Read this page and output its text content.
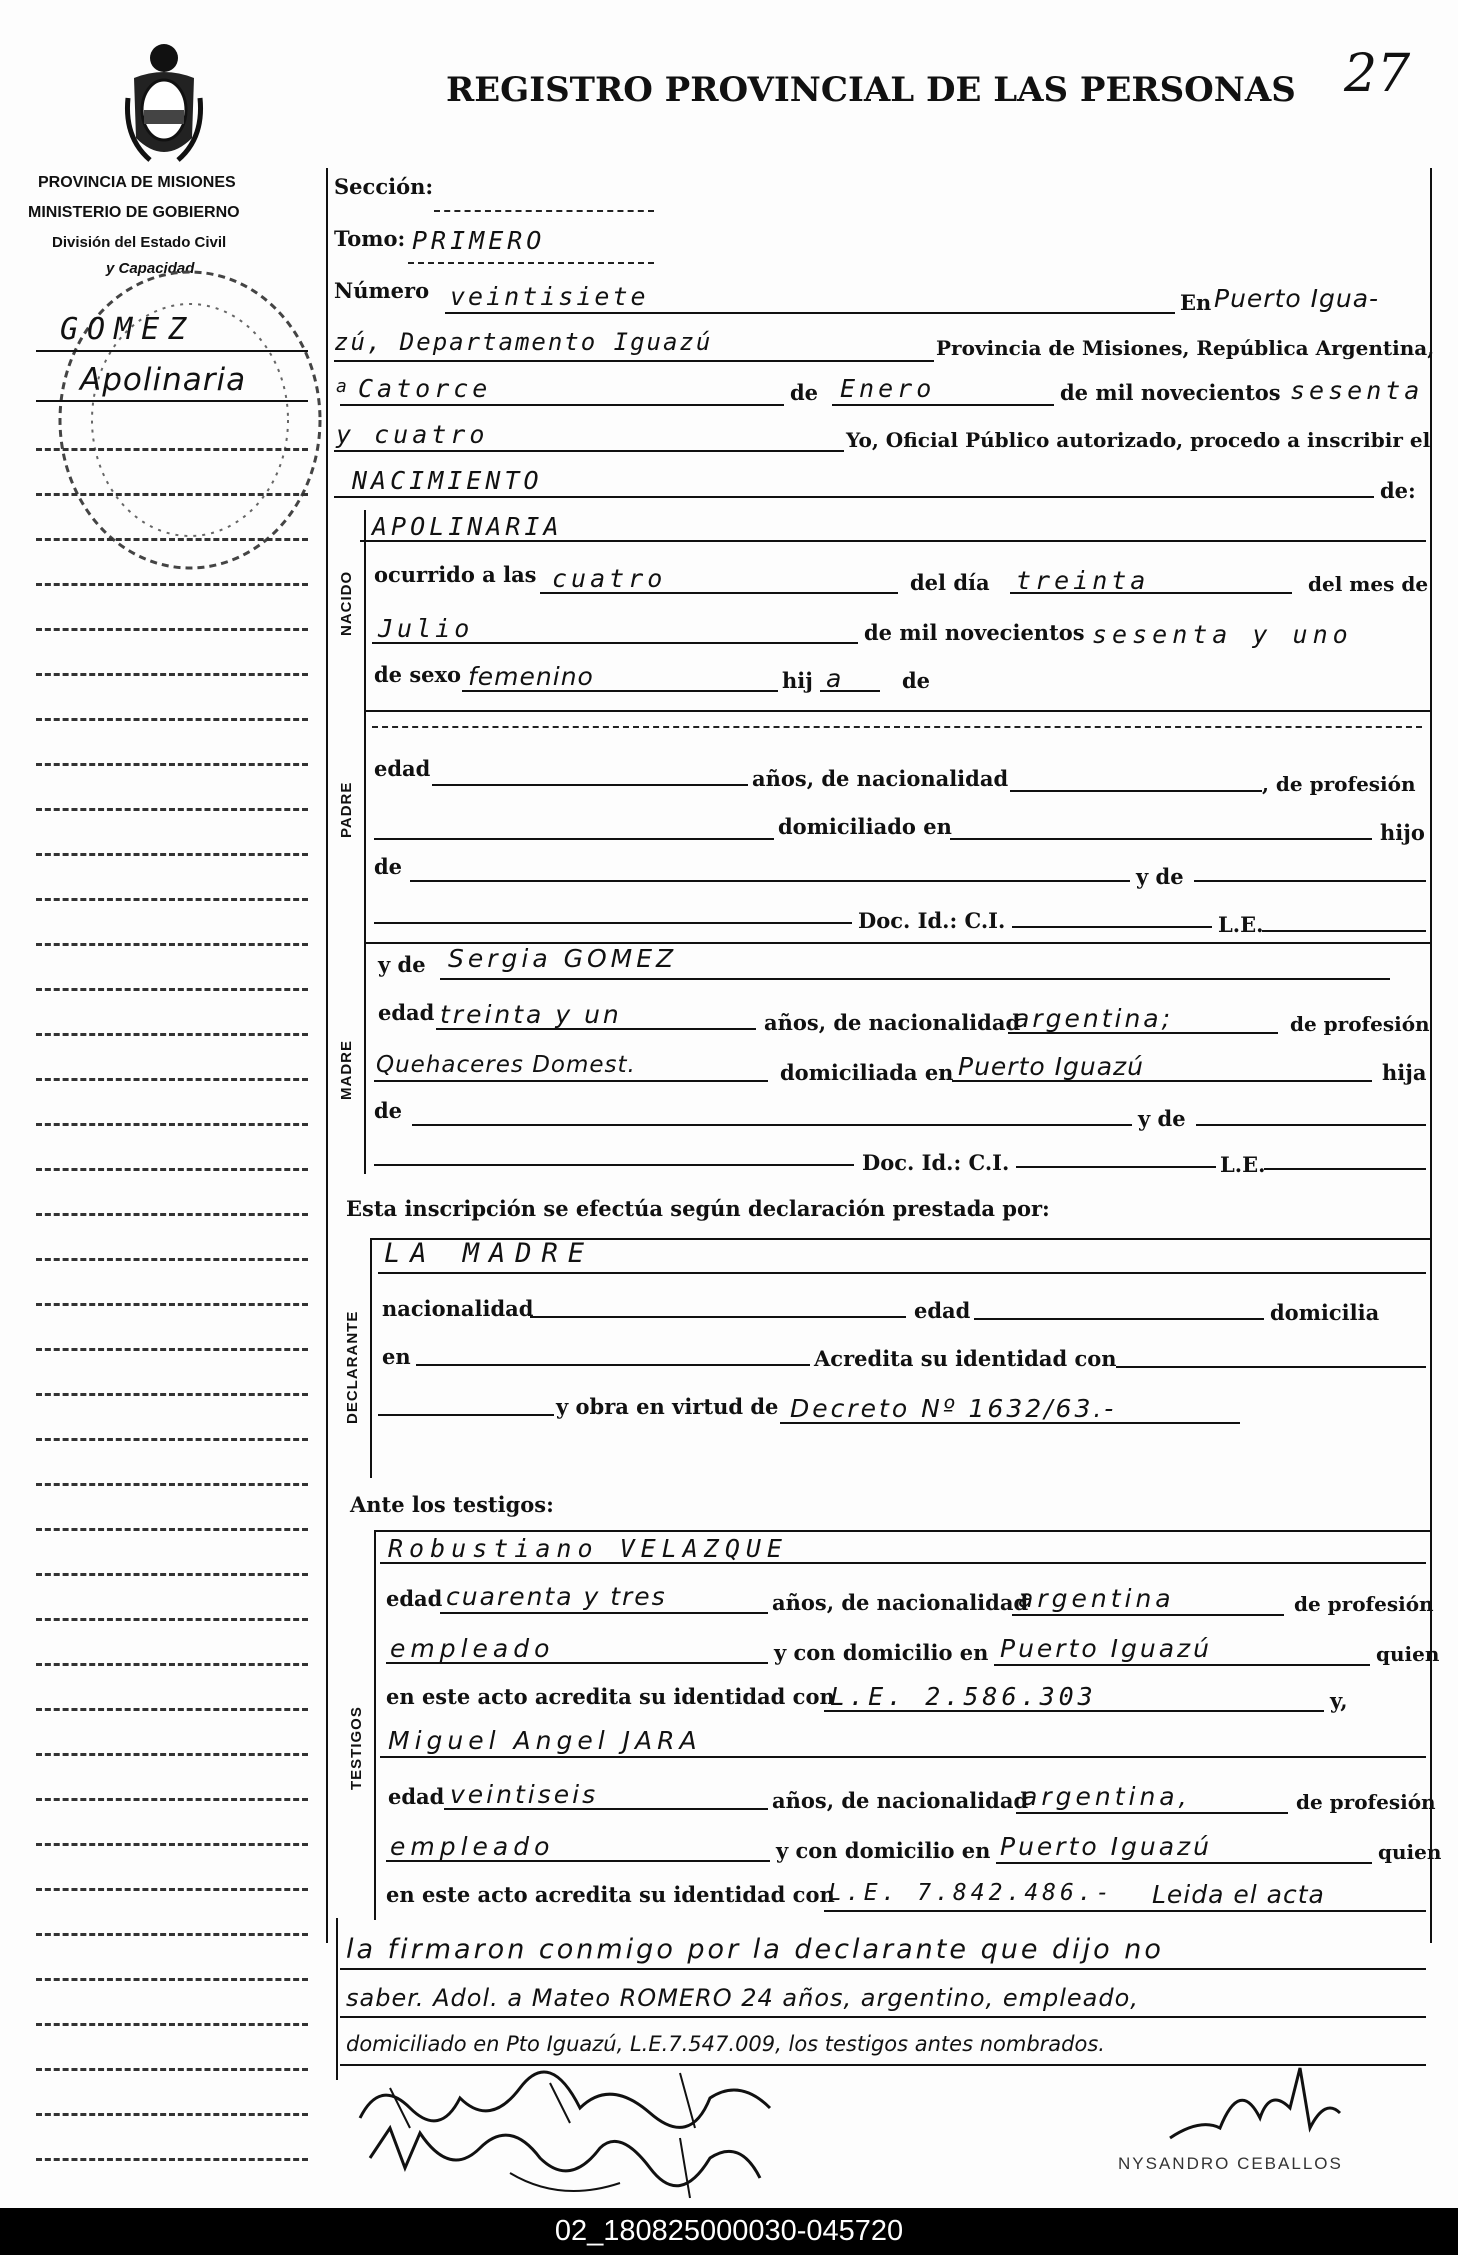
PROVINCIA DE MISIONES
MINISTERIO DE GOBIERNO
División del Estado Civil
y Capacidad
REGISTRO PROVINCIAL DE LAS PERSONAS 27
GOMEZ
Apolinaria
Sección:
Tomo: PRIMERO
Número veintisiete	En Puerto Igua-
zú, Departamento Iguazú	Provincia de Misiones, República Argentina,
a Catorce	de Enero	de mil novecientos sesenta
y cuatro	Yo, Oficial Público autorizado, procedo a inscribir el
NACIMIENTO	de:
NACIDO
APOLINARIA
ocurrido a las cuatro	del día treinta	del mes de
Julio	de mil novecientos sesenta y uno
de sexo femenino	hij a	de
PADRE
edad	años, de nacionalidad	, de profesión
domiciliado en	hijo
de	y de
Doc. Id.: C.I.	L.E.
MADRE
y de Sergia GOMEZ
edad treinta y un	años, de nacionalidad
argentina;	de profesión
Quehaceres Domest.	domiciliada en Puerto Iguazú	hija
de	y de
Doc. Id.: C.I.	L.E.
Esta inscripción se efectúa según declaración prestada por:
DECLARANTE
LA MADRE
nacionalidad	edad	domicilia
en	Acredita su identidad con
y obra en virtud de Decreto Nº 1632/63.-
Ante los testigos:
TESTIGOS
Robustiano VELAZQUE
edad cuarenta y tres	años, de nacionalidad
argentina	de profesión
empleado	y con domicilio en Puerto Iguazú	quien
en este acto acredita su identidad con
L.E. 2.586.303	y,
Miguel Angel JARA
edad veintiseis	años, de nacionalidad
argentina,	de profesión
empleado	y con domicilio en Puerto Iguazú	quien
en este acto acredita su identidad con
L.E. 7.842.486.- Leida el acta
la firmaron conmigo por la declarante que dijo no
saber. Adol. a Mateo ROMERO 24 años, argentino, empleado,
domiciliado en Pto Iguazú, L.E.7.547.009, los testigos antes nombrados.
NYSANDRO CEBALLOS
02_180825000030-045720
